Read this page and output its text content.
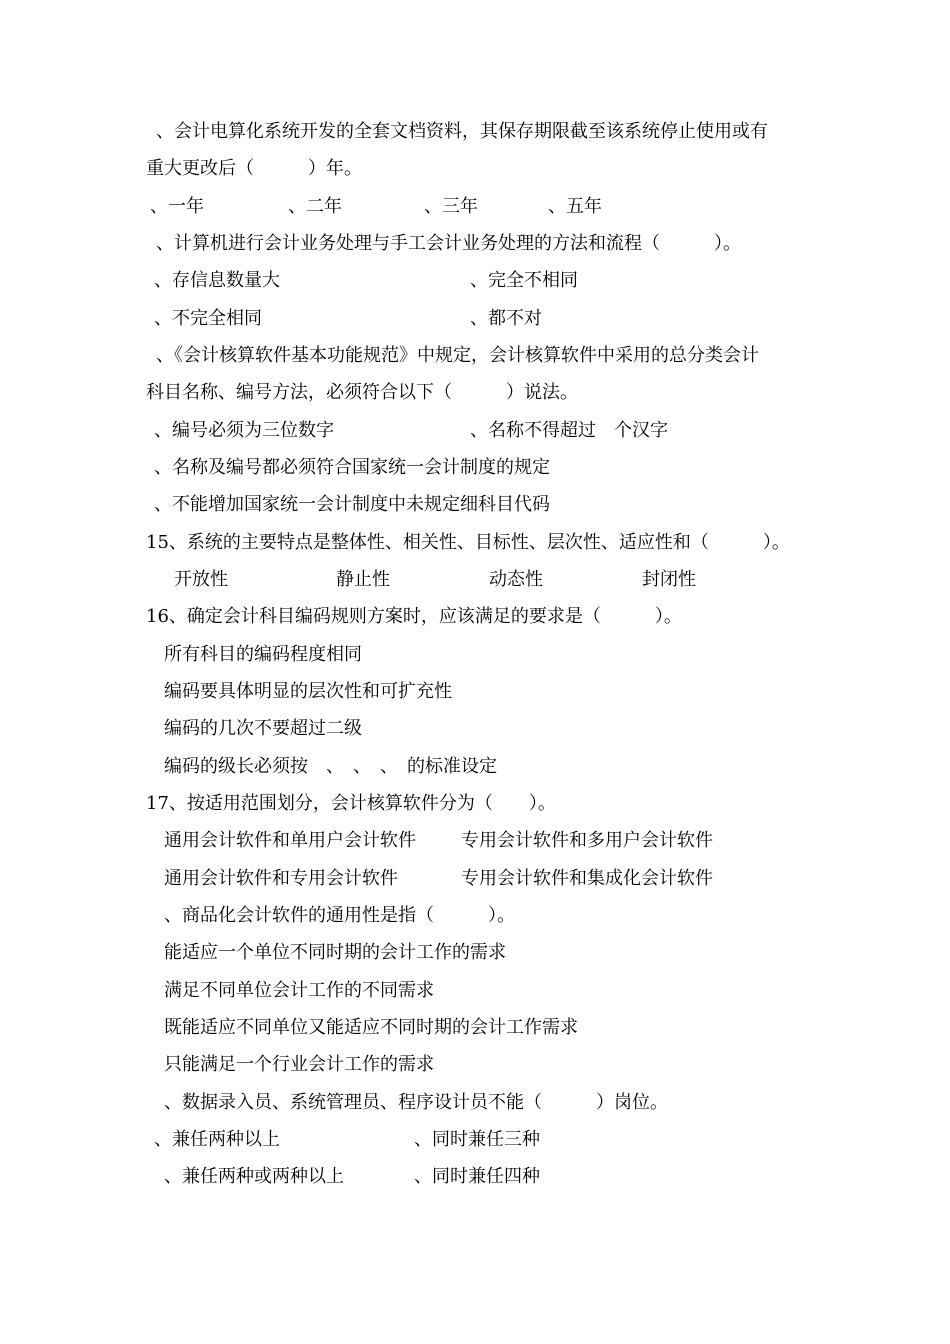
、会计电算化系统开发的全套文档资料，其保存期限截至该系统停止使用或有
重大更改后（　　　）年。
、一年	、二年	、三年	、五年
、计算机进行会计业务处理与手工会计业务处理的方法和流程（　　　）。
、存信息数量大	、完全不相同
、不完全相同	、都不对
、《会计核算软件基本功能规范》中规定，会计核算软件中采用的总分类会计
科目名称、编号方法，必须符合以下（　　　）说法。
、编号必须为三位数字	、名称不得超过　个汉字
、名称及编号都必须符合国家统一会计制度的规定
、不能增加国家统一会计制度中未规定细科目代码
15、系统的主要特点是整体性、相关性、目标性、层次性、适应性和（　　　）。
开放性	静止性	动态性	封闭性
16、确定会计科目编码规则方案时，应该满足的要求是（　　　）。
所有科目的编码程度相同
编码要具体明显的层次性和可扩充性
编码的几次不要超过二级
编码的级长必须按　、　、　、　的标准设定
17、按适用范围划分，会计核算软件分为（　　）。
通用会计软件和单用户会计软件	专用会计软件和多用户会计软件
通用会计软件和专用会计软件	专用会计软件和集成化会计软件
、商品化会计软件的通用性是指（　　　）。
能适应一个单位不同时期的会计工作的需求
满足不同单位会计工作的不同需求
既能适应不同单位又能适应不同时期的会计工作需求
只能满足一个行业会计工作的需求
、数据录入员、系统管理员、程序设计员不能（　　　）岗位。
、兼任两种以上	、同时兼任三种
、兼任两种或两种以上	、同时兼任四种
